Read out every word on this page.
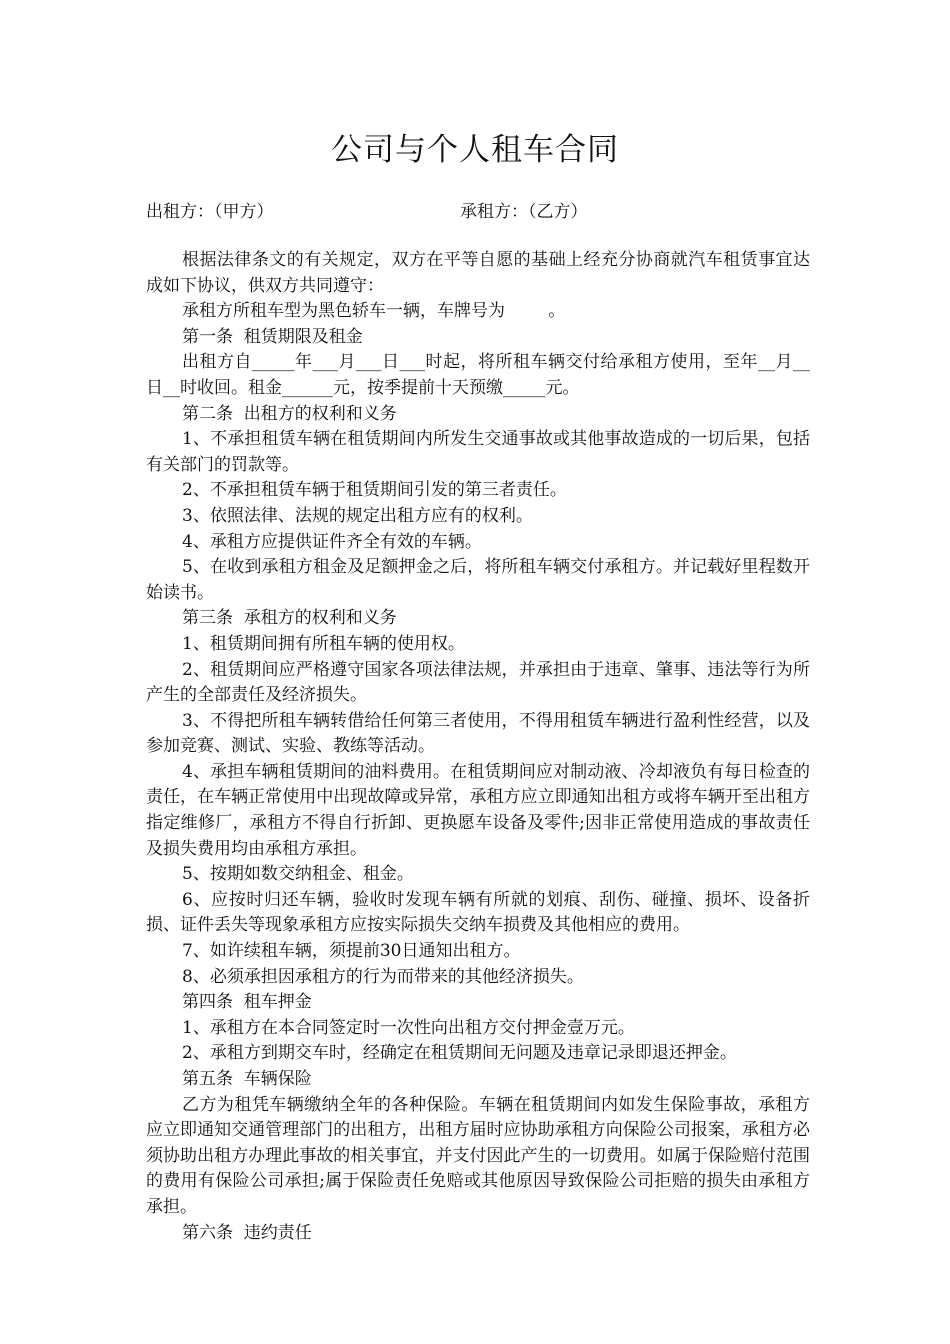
公司与个人租车合同
出租方：（甲方）	承租方：（乙方）

根据法律条文的有关规定，双方在平等自愿的基础上经充分协商就汽车租赁事宜达成如下协议，供双方共同遵守：

承租方所租车型为黑色轿车一辆，车牌号为        。

第一条  租赁期限及租金

出租方自_____年___月___日___时起，将所租车辆交付给承租方使用，至年__月__日__时收回。租金______元，按季提前十天预缴_____元。

第二条  出租方的权利和义务

1、不承担租赁车辆在租赁期间内所发生交通事故或其他事故造成的一切后果，包括有关部门的罚款等。

2、不承担租赁车辆于租赁期间引发的第三者责任。

3、依照法律、法规的规定出租方应有的权利。

4、承租方应提供证件齐全有效的车辆。

5、在收到承租方租金及足额押金之后，将所租车辆交付承租方。并记载好里程数开始读书。

第三条  承租方的权利和义务

1、租赁期间拥有所租车辆的使用权。

2、租赁期间应严格遵守国家各项法律法规，并承担由于违章、肇事、违法等行为所产生的全部责任及经济损失。

3、不得把所租车辆转借给任何第三者使用，不得用租赁车辆进行盈利性经营，以及参加竞赛、测试、实验、教练等活动。

4、承担车辆租赁期间的油料费用。在租赁期间应对制动液、冷却液负有每日检查的责任，在车辆正常使用中出现故障或异常，承租方应立即通知出租方或将车辆开至出租方指定维修厂，承租方不得自行折卸、更换愿车设备及零件;因非正常使用造成的事故责任及损失费用均由承租方承担。

5、按期如数交纳租金、租金。

6、应按时归还车辆，验收时发现车辆有所就的划痕、刮伤、碰撞、损坏、设备折损、证件丢失等现象承租方应按实际损失交纳车损费及其他相应的费用。

7、如许续租车辆，须提前30日通知出租方。

8、必须承担因承租方的行为而带来的其他经济损失。

第四条  租车押金

1、承租方在本合同签定时一次性向出租方交付押金壹万元。

2、承租方到期交车时，经确定在租赁期间无问题及违章记录即退还押金。

第五条  车辆保险

乙方为租凭车辆缴纳全年的各种保险。车辆在租赁期间内如发生保险事故，承租方应立即通知交通管理部门的出租方，出租方届时应协助承租方向保险公司报案，承租方必须协助出租方办理此事故的相关事宜，并支付因此产生的一切费用。如属于保险赔付范围的费用有保险公司承担;属于保险责任免赔或其他原因导致保险公司拒赔的损失由承租方承担。

第六条  违约责任
